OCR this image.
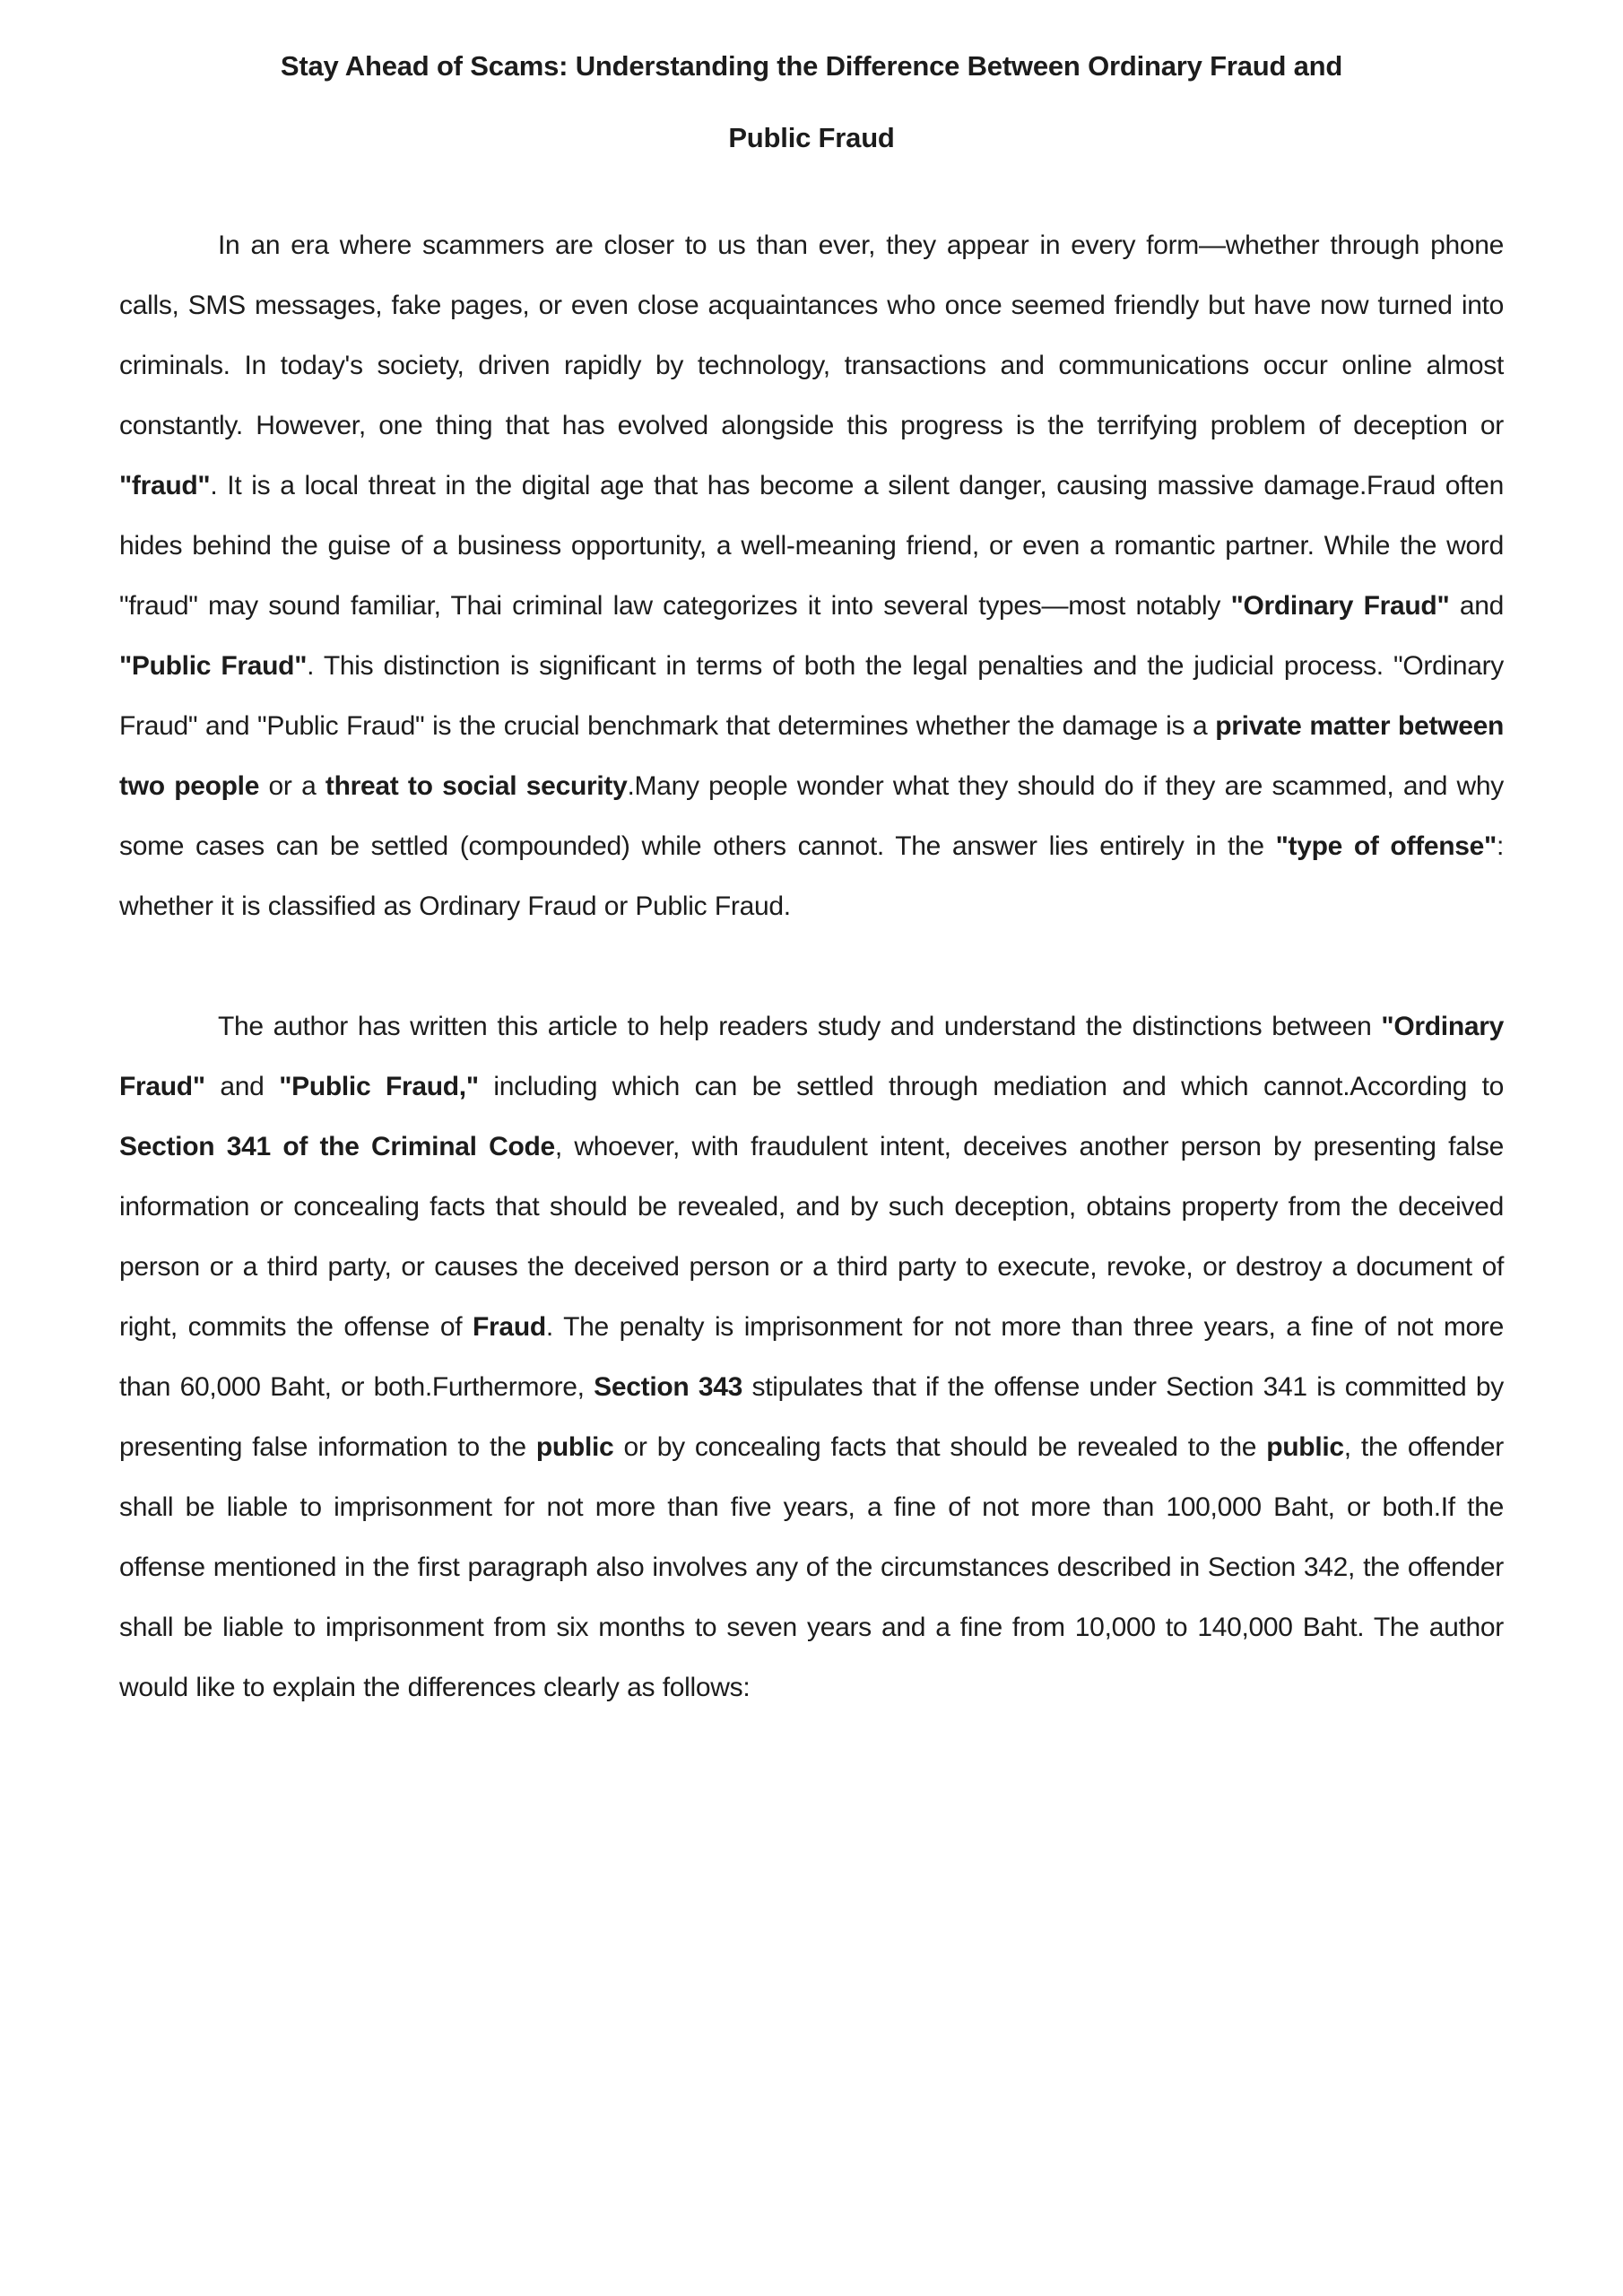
Stay Ahead of Scams: Understanding the Difference Between Ordinary Fraud and
Public Fraud

In an era where scammers are closer to us than ever, they appear in every form—whether through phone calls, SMS messages, fake pages, or even close acquaintances who once seemed friendly but have now turned into criminals. In today's society, driven rapidly by technology, transactions and communications occur online almost constantly. However, one thing that has evolved alongside this progress is the terrifying problem of deception or "fraud". It is a local threat in the digital age that has become a silent danger, causing massive damage.Fraud often hides behind the guise of a business opportunity, a well-meaning friend, or even a romantic partner. While the word "fraud" may sound familiar, Thai criminal law categorizes it into several types—most notably "Ordinary Fraud" and "Public Fraud". This distinction is significant in terms of both the legal penalties and the judicial process. "Ordinary Fraud" and "Public Fraud" is the crucial benchmark that determines whether the damage is a private matter between two people or a threat to social security.Many people wonder what they should do if they are scammed, and why some cases can be settled (compounded) while others cannot. The answer lies entirely in the "type of offense": whether it is classified as Ordinary Fraud or Public Fraud.

The author has written this article to help readers study and understand the distinctions between "Ordinary Fraud" and "Public Fraud," including which can be settled through mediation and which cannot.According to Section 341 of the Criminal Code, whoever, with fraudulent intent, deceives another person by presenting false information or concealing facts that should be revealed, and by such deception, obtains property from the deceived person or a third party, or causes the deceived person or a third party to execute, revoke, or destroy a document of right, commits the offense of Fraud. The penalty is imprisonment for not more than three years, a fine of not more than 60,000 Baht, or both.Furthermore, Section 343 stipulates that if the offense under Section 341 is committed by presenting false information to the public or by concealing facts that should be revealed to the public, the offender shall be liable to imprisonment for not more than five years, a fine of not more than 100,000 Baht, or both.If the offense mentioned in the first paragraph also involves any of the circumstances described in Section 342, the offender shall be liable to imprisonment from six months to seven years and a fine from 10,000 to 140,000 Baht. The author would like to explain the differences clearly as follows:
